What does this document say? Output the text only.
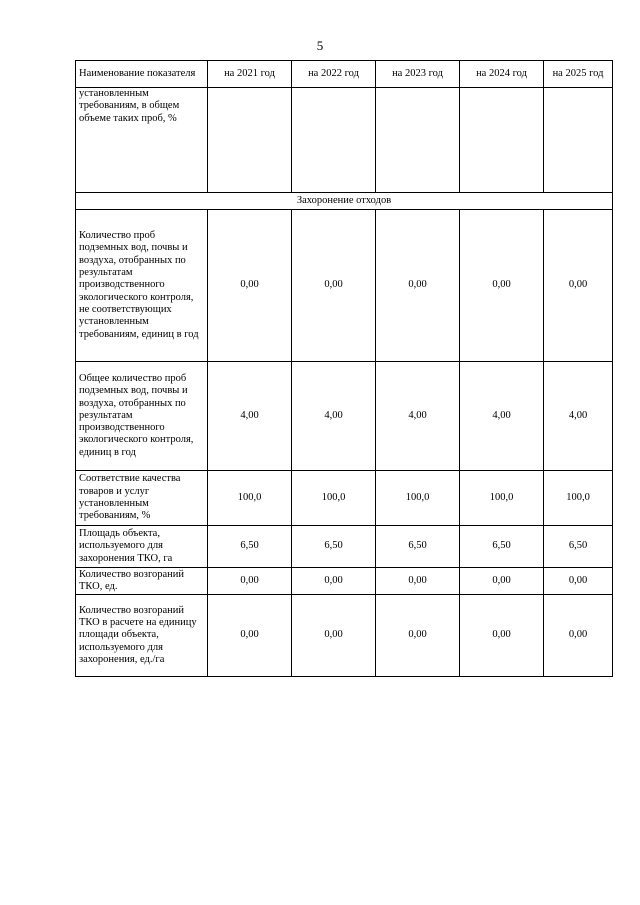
5
Наименование показателя	на 2021 год	на 2022 год	на 2023 год	на 2024 год	на 2025 год
установленным требованиям, в общем объеме таких проб, %					
Захоронение отходов					
Количество проб подземных вод, почвы и воздуха, отобранных по результатам производственного экологического контроля, не соответствующих установленным требованиям, единиц в год	0,00	0,00	0,00	0,00	0,00
Общее количество проб подземных вод, почвы и воздуха, отобранных по результатам производственного экологического контроля, единиц в год	4,00	4,00	4,00	4,00	4,00
Соответствие качества товаров и услуг установленным требованиям, %	100,0	100,0	100,0	100,0	100,0
Площадь объекта, используемого для захоронения ТКО, га	6,50	6,50	6,50	6,50	6,50
Количество возгораний ТКО, ед.	0,00	0,00	0,00	0,00	0,00
Количество возгораний ТКО в расчете на единицу площади объекта, используемого для захоронения, ед./га	0,00	0,00	0,00	0,00	0,00
